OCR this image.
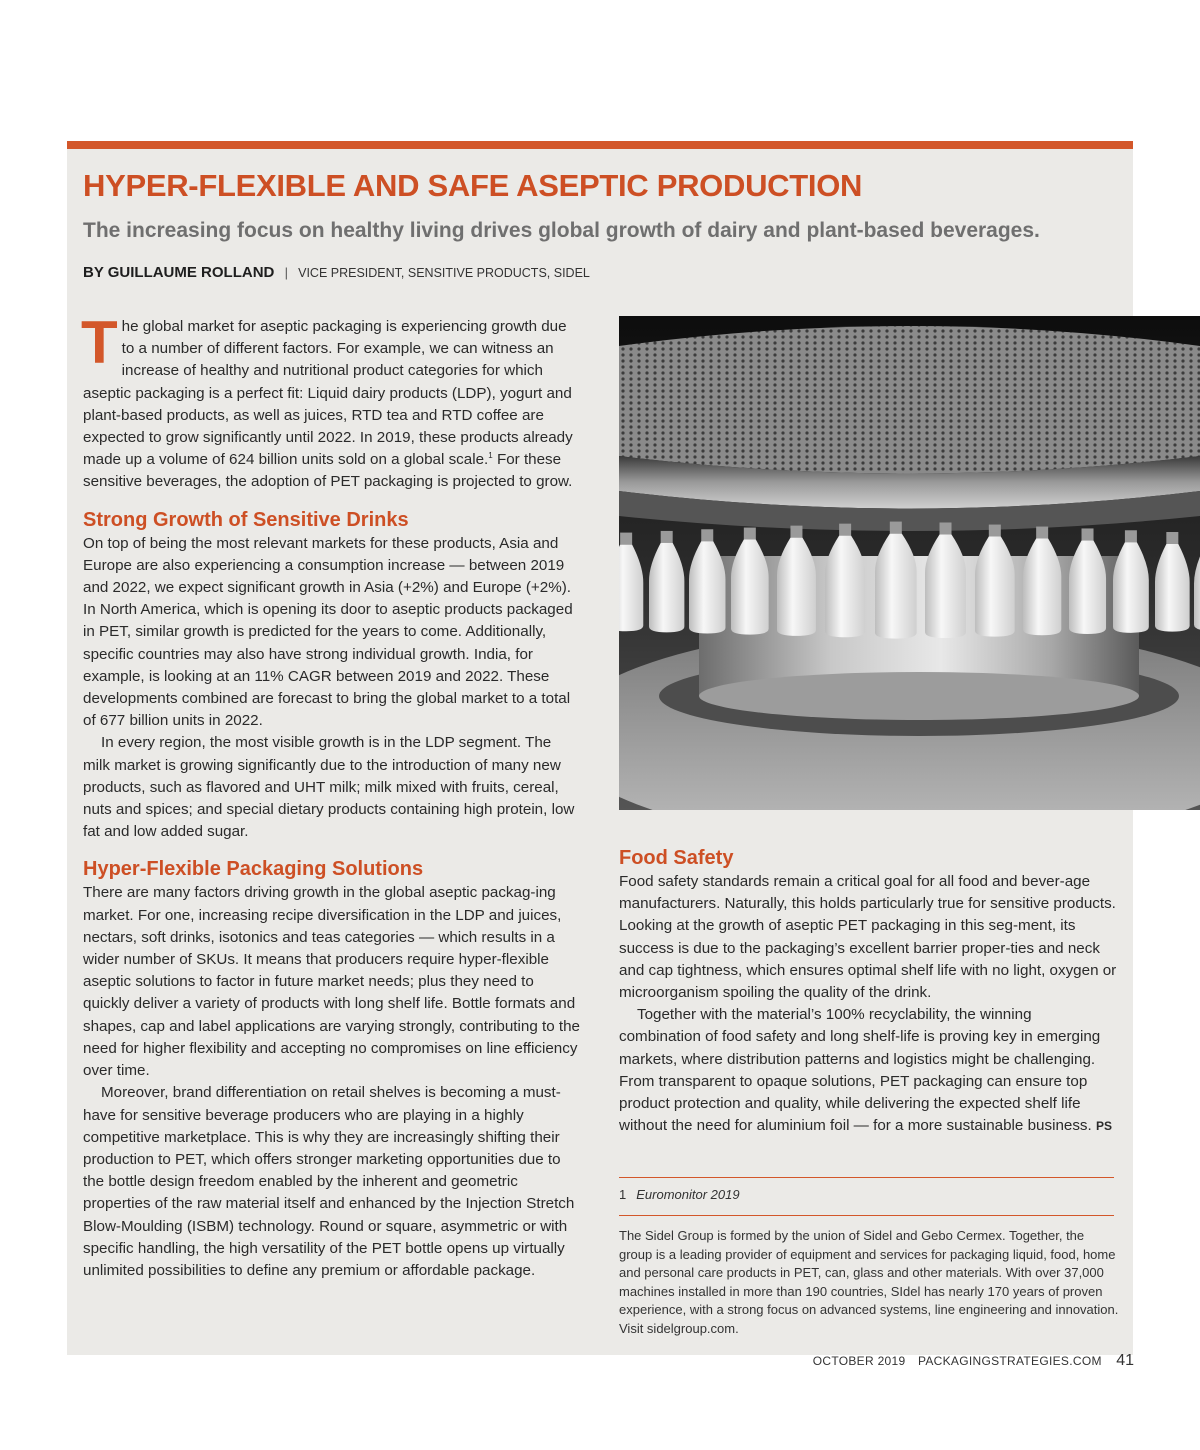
HYPER-FLEXIBLE AND SAFE ASEPTIC PRODUCTION
The increasing focus on healthy living drives global growth of dairy and plant-based beverages.
BY GUILLAUME ROLLAND | VICE PRESIDENT, SENSITIVE PRODUCTS, SIDEL
T he global market for aseptic packaging is experiencing growth due to a number of different factors. For example, we can witness an increase of healthy and nutritional product categories for which aseptic packaging is a perfect fit: Liquid dairy products (LDP), yogurt and plant-based products, as well as juices, RTD tea and RTD coffee are expected to grow significantly until 2022. In 2019, these products already made up a volume of 624 billion units sold on a global scale.$^1$ For these sensitive beverages, the adoption of PET packaging is projected to grow.

Strong Growth of Sensitive Drinks

On top of being the most relevant markets for these products, Asia and Europe are also experiencing a consumption increase — between 2019 and 2022, we expect significant growth in Asia (+2%) and Europe (+2%). In North America, which is opening its door to aseptic products packaged in PET, similar growth is predicted for the years to come. Additionally, specific countries may also have strong individual growth. India, for example, is looking at an 11% CAGR between 2019 and 2022. These developments combined are forecast to bring the global market to a total of 677 billion units in 2022.

In every region, the most visible growth is in the LDP segment. The milk market is growing significantly due to the introduction of many new products, such as flavored and UHT milk; milk mixed with fruits, cereal, nuts and spices; and special dietary products containing high protein, low fat and low added sugar.

Hyper-Flexible Packaging Solutions

There are many factors driving growth in the global aseptic packag-ing market. For one, increasing recipe diversification in the LDP and juices, nectars, soft drinks, isotonics and teas categories — which results in a wider number of SKUs. It means that producers require hyper-flexible aseptic solutions to factor in future market needs; plus they need to quickly deliver a variety of products with long shelf life. Bottle formats and shapes, cap and label applications are varying strongly, contributing to the need for higher flexibility and accepting no compromises on line efficiency over time.

Moreover, brand differentiation on retail shelves is becoming a must-have for sensitive beverage producers who are playing in a highly competitive marketplace. This is why they are increasingly shifting their production to PET, which offers stronger marketing opportunities due to the bottle design freedom enabled by the inherent and geometric properties of the raw material itself and enhanced by the Injection Stretch Blow-Moulding (ISBM) technology. Round or square, asymmetric or with specific handling, the high versatility of the PET bottle opens up virtually unlimited possibilities to define any premium or affordable package.

Food Safety

Food safety standards remain a critical goal for all food and bever-age manufacturers. Naturally, this holds particularly true for sensitive products. Looking at the growth of aseptic PET packaging in this seg-ment, its success is due to the packaging’s excellent barrier proper-ties and neck and cap tightness, which ensures optimal shelf life with no light, oxygen or microorganism spoiling the quality of the drink.

Together with the material’s 100% recyclability, the winning combination of food safety and long shelf-life is proving key in emerging markets, where distribution patterns and logistics might be challenging. From transparent to opaque solutions, PET packaging can ensure top product protection and quality, while delivering the expected shelf life without the need for aluminium foil — for a more sustainable business. PS

1 Euromonitor 2019

The Sidel Group is formed by the union of Sidel and Gebo Cermex. Together, the group is a leading provider of equipment and services for packaging liquid, food, home and personal care products in PET, can, glass and other materials. With over 37,000 machines installed in more than 190 countries, SIdel has nearly 170 years of proven experience, with a strong focus on advanced systems, line engineering and innovation. Visit sidelgroup.com.

OCTOBER 2019 PACKAGINGSTRATEGIES.COM 41
